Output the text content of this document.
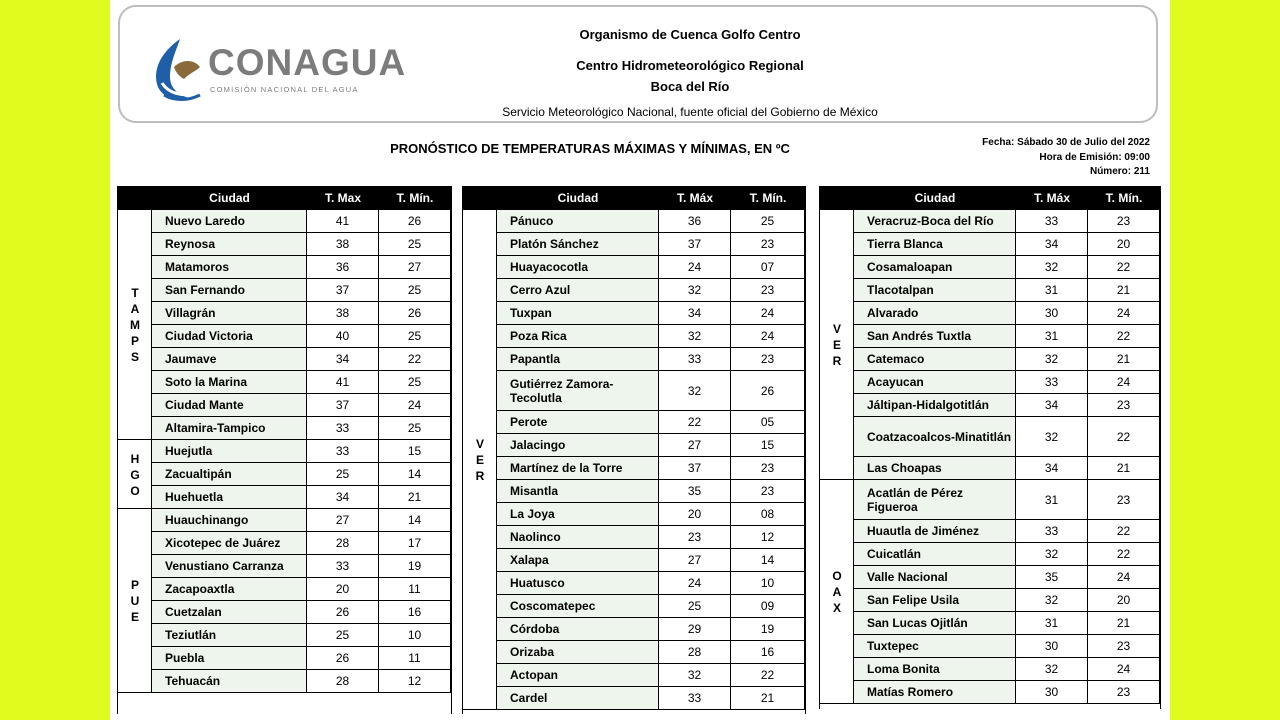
CONAGUA
COMISIÓN NACIONAL DEL AGUA
Organismo de Cuenca Golfo Centro
Centro Hidrometeorológico Regional
Boca del Río
Servicio Meteorológico Nacional, fuente oficial del Gobierno de México
PRONÓSTICO DE TEMPERATURAS MÁXIMAS Y MÍNIMAS, EN ºC	Fecha: Sábado 30 de Julio del 2022
Hora de Emisión: 09:00
Número: 211
Ciudad	T. Max	T. Mín.
T
A
M
P
S
Nuevo Laredo	41	26
Reynosa	38	25
Matamoros	36	27
San Fernando	37	25
Villagrán	38	26
Ciudad Victoria	40	25
Jaumave	34	22
Soto la Marina	41	25
Ciudad Mante	37	24
Altamira-Tampico	33	25
H
G
O
Huejutla	33	15
Zacualtipán	25	14
Huehuetla	34	21
P
U
E
Huauchinango	27	14
Xicotepec de Juárez	28	17
Venustiano Carranza	33	19
Zacapoaxtla	20	11
Cuetzalan	26	16
Teziutlán	25	10
Puebla	26	11
Tehuacán	28	12
Ciudad	T. Máx	T. Mín.
V
E
R
Pánuco	36	25
Platón Sánchez	37	23
Huayacocotla	24	07
Cerro Azul	32	23
Tuxpan	34	24
Poza Rica	32	24
Papantla	33	23
Gutiérrez Zamora-Tecolutla	32	26
Perote	22	05
Jalacingo	27	15
Martínez de la Torre	37	23
Misantla	35	23
La Joya	20	08
Naolinco	23	12
Xalapa	27	14
Huatusco	24	10
Coscomatepec	25	09
Córdoba	29	19
Orizaba	28	16
Actopan	32	22
Cardel	33	21
Ciudad	T. Máx	T. Mín.
V
E
R
Veracruz-Boca del Río	33	23
Tierra Blanca	34	20
Cosamaloapan	32	22
Tlacotalpan	31	21
Alvarado	30	24
San Andrés Tuxtla	31	22
Catemaco	32	21
Acayucan	33	24
Jáltipan-Hidalgotitlán	34	23
Coatzacoalcos-Minatitlán	32	22
Las Choapas	34	21
O
A
X
Acatlán de Pérez Figueroa	31	23
Huautla de Jiménez	33	22
Cuicatlán	32	22
Valle Nacional	35	24
San Felipe Usila	32	20
San Lucas Ojitlán	31	21
Tuxtepec	30	23
Loma Bonita	32	24
Matías Romero	30	23
